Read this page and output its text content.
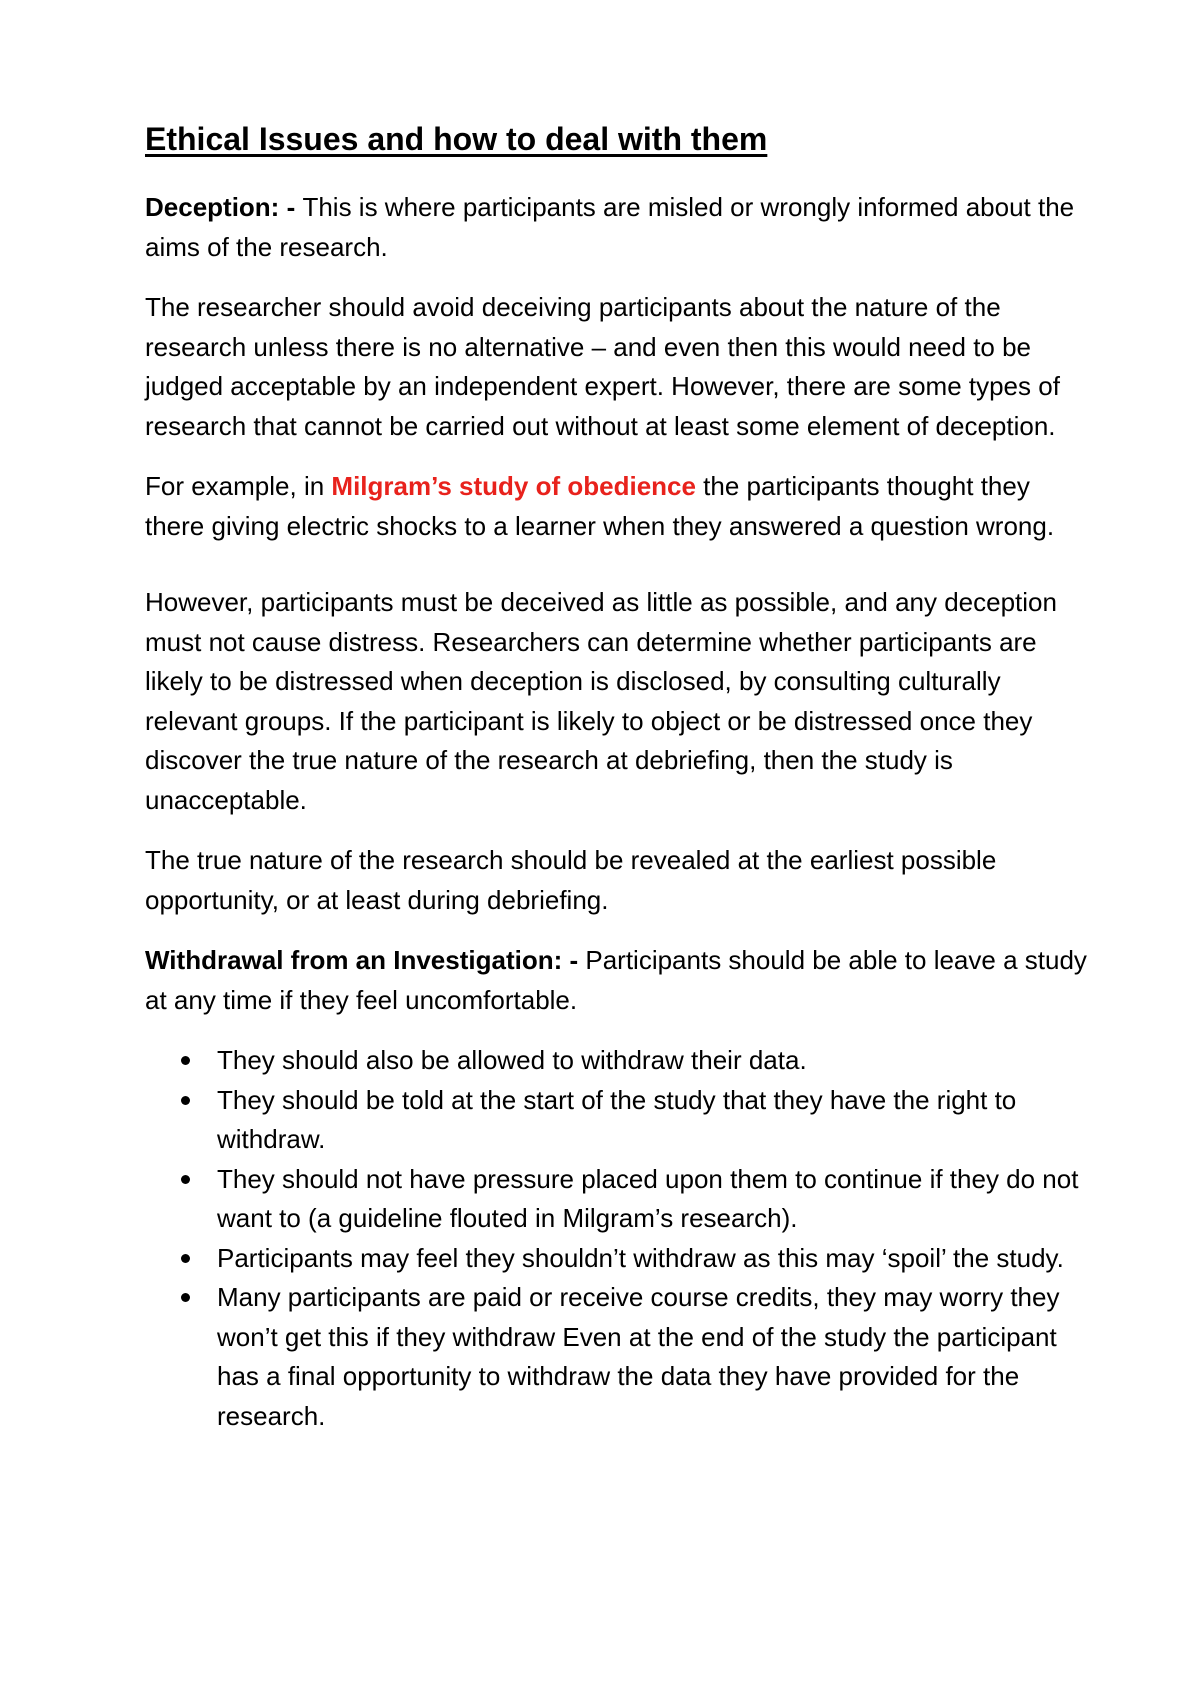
Ethical Issues and how to deal with them

Deception: - This is where participants are misled or wrongly informed about the aims of the research.

The researcher should avoid deceiving participants about the nature of the research unless there is no alternative – and even then this would need to be judged acceptable by an independent expert. However, there are some types of research that cannot be carried out without at least some element of deception.

For example, in Milgram’s study of obedience the participants thought they there giving electric shocks to a learner when they answered a question wrong.

However, participants must be deceived as little as possible, and any deception must not cause distress. Researchers can determine whether participants are likely to be distressed when deception is disclosed, by consulting culturally relevant groups. If the participant is likely to object or be distressed once they discover the true nature of the research at debriefing, then the study is unacceptable.

The true nature of the research should be revealed at the earliest possible opportunity, or at least during debriefing.

Withdrawal from an Investigation: - Participants should be able to leave a study at any time if they feel uncomfortable.

They should also be allowed to withdraw their data.
They should be told at the start of the study that they have the right to withdraw.
They should not have pressure placed upon them to continue if they do not want to (a guideline flouted in Milgram’s research).
Participants may feel they shouldn’t withdraw as this may ‘spoil’ the study.
Many participants are paid or receive course credits, they may worry they won’t get this if they withdraw Even at the end of the study the participant has a final opportunity to withdraw the data they have provided for the research.
